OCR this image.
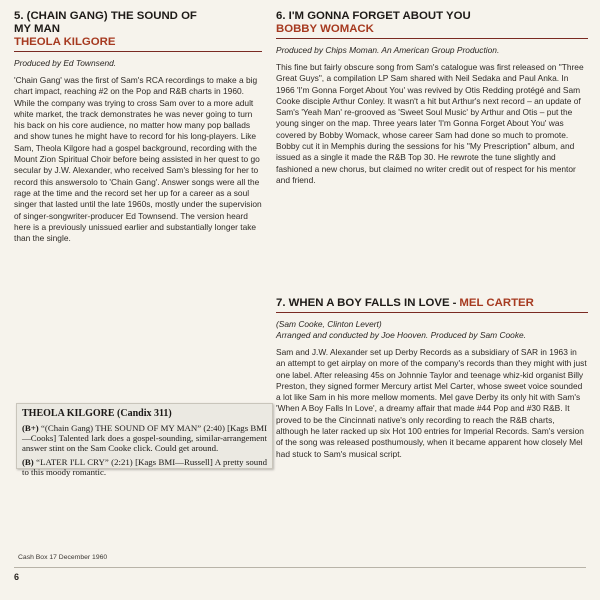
5. (CHAIN GANG) THE SOUND OF

MY MAN

THEOLA KILGORE

Produced by Ed Townsend.

'Chain Gang' was the first of Sam's RCA recordings to make a big chart impact, reaching #2 on the Pop and R&B charts in 1960. While the company was trying to cross Sam over to a more adult white market, the track demonstrates he was never going to turn his back on his core audience, no matter how many pop ballads and show tunes he might have to record for his long-players. Like Sam, Theola Kilgore had a gospel background, recording with the Mount Zion Spiritual Choir before being assisted in her quest to go secular by J.W. Alexander, who received Sam's blessing for her to record this answersolo to 'Chain Gang'. Answer songs were all the rage at the time and the record set her up for a career as a soul singer that lasted until the late 1960s, mostly under the supervision of singer-songwriter-producer Ed Townsend. The version heard here is a previously unissued earlier and substantially longer take than the single.

THEOLA KILGORE (Candix 311)

(B+) “(Chain Gang) THE SOUND OF MY MAN” (2:40) [Kags BMI—Cooks] Talented lark does a gospel-sounding, similar-arrangement answer stint on the Sam Cooke click. Could get around.

(B) “LATER I'LL CRY” (2:21) [Kags BMI—Russell] A pretty sound to this moody romantic.

Cash Box 17 December 1960

6. I'M GONNA FORGET ABOUT YOU

BOBBY WOMACK

Produced by Chips Moman. An American Group Production.

This fine but fairly obscure song from Sam's catalogue was first released on "Three Great Guys", a compilation LP Sam shared with Neil Sedaka and Paul Anka. In 1966 'I'm Gonna Forget About You' was revived by Otis Redding protégé and Sam Cooke disciple Arthur Conley. It wasn't a hit but Arthur's next record – an update of Sam's 'Yeah Man' re-grooved as 'Sweet Soul Music' by Arthur and Otis – put the young singer on the map. Three years later 'I'm Gonna Forget About You' was covered by Bobby Womack, whose career Sam had done so much to promote. Bobby cut it in Memphis during the sessions for his "My Prescription" album, and issued as a single it made the R&B Top 30. He rewrote the tune slightly and fashioned a new chorus, but claimed no writer credit out of respect for his mentor and friend.

7. WHEN A BOY FALLS IN LOVE - MEL CARTER

(Sam Cooke, Clinton Levert)

Arranged and conducted by Joe Hooven. Produced by Sam Cooke.

Sam and J.W. Alexander set up Derby Records as a subsidiary of SAR in 1963 in an attempt to get airplay on more of the company's records than they might with just one label. After releasing 45s on Johnnie Taylor and teenage whiz-kid organist Billy Preston, they signed former Mercury artist Mel Carter, whose sweet voice sounded a lot like Sam in his more mellow moments. Mel gave Derby its only hit with Sam's 'When A Boy Falls In Love', a dreamy affair that made #44 Pop and #30 R&B. It proved to be the Cincinnati native's only recording to reach the R&B charts, although he later racked up six Hot 100 entries for Imperial Records. Sam's version of the song was released posthumously, when it became apparent how closely Mel had stuck to Sam's musical script.

6
